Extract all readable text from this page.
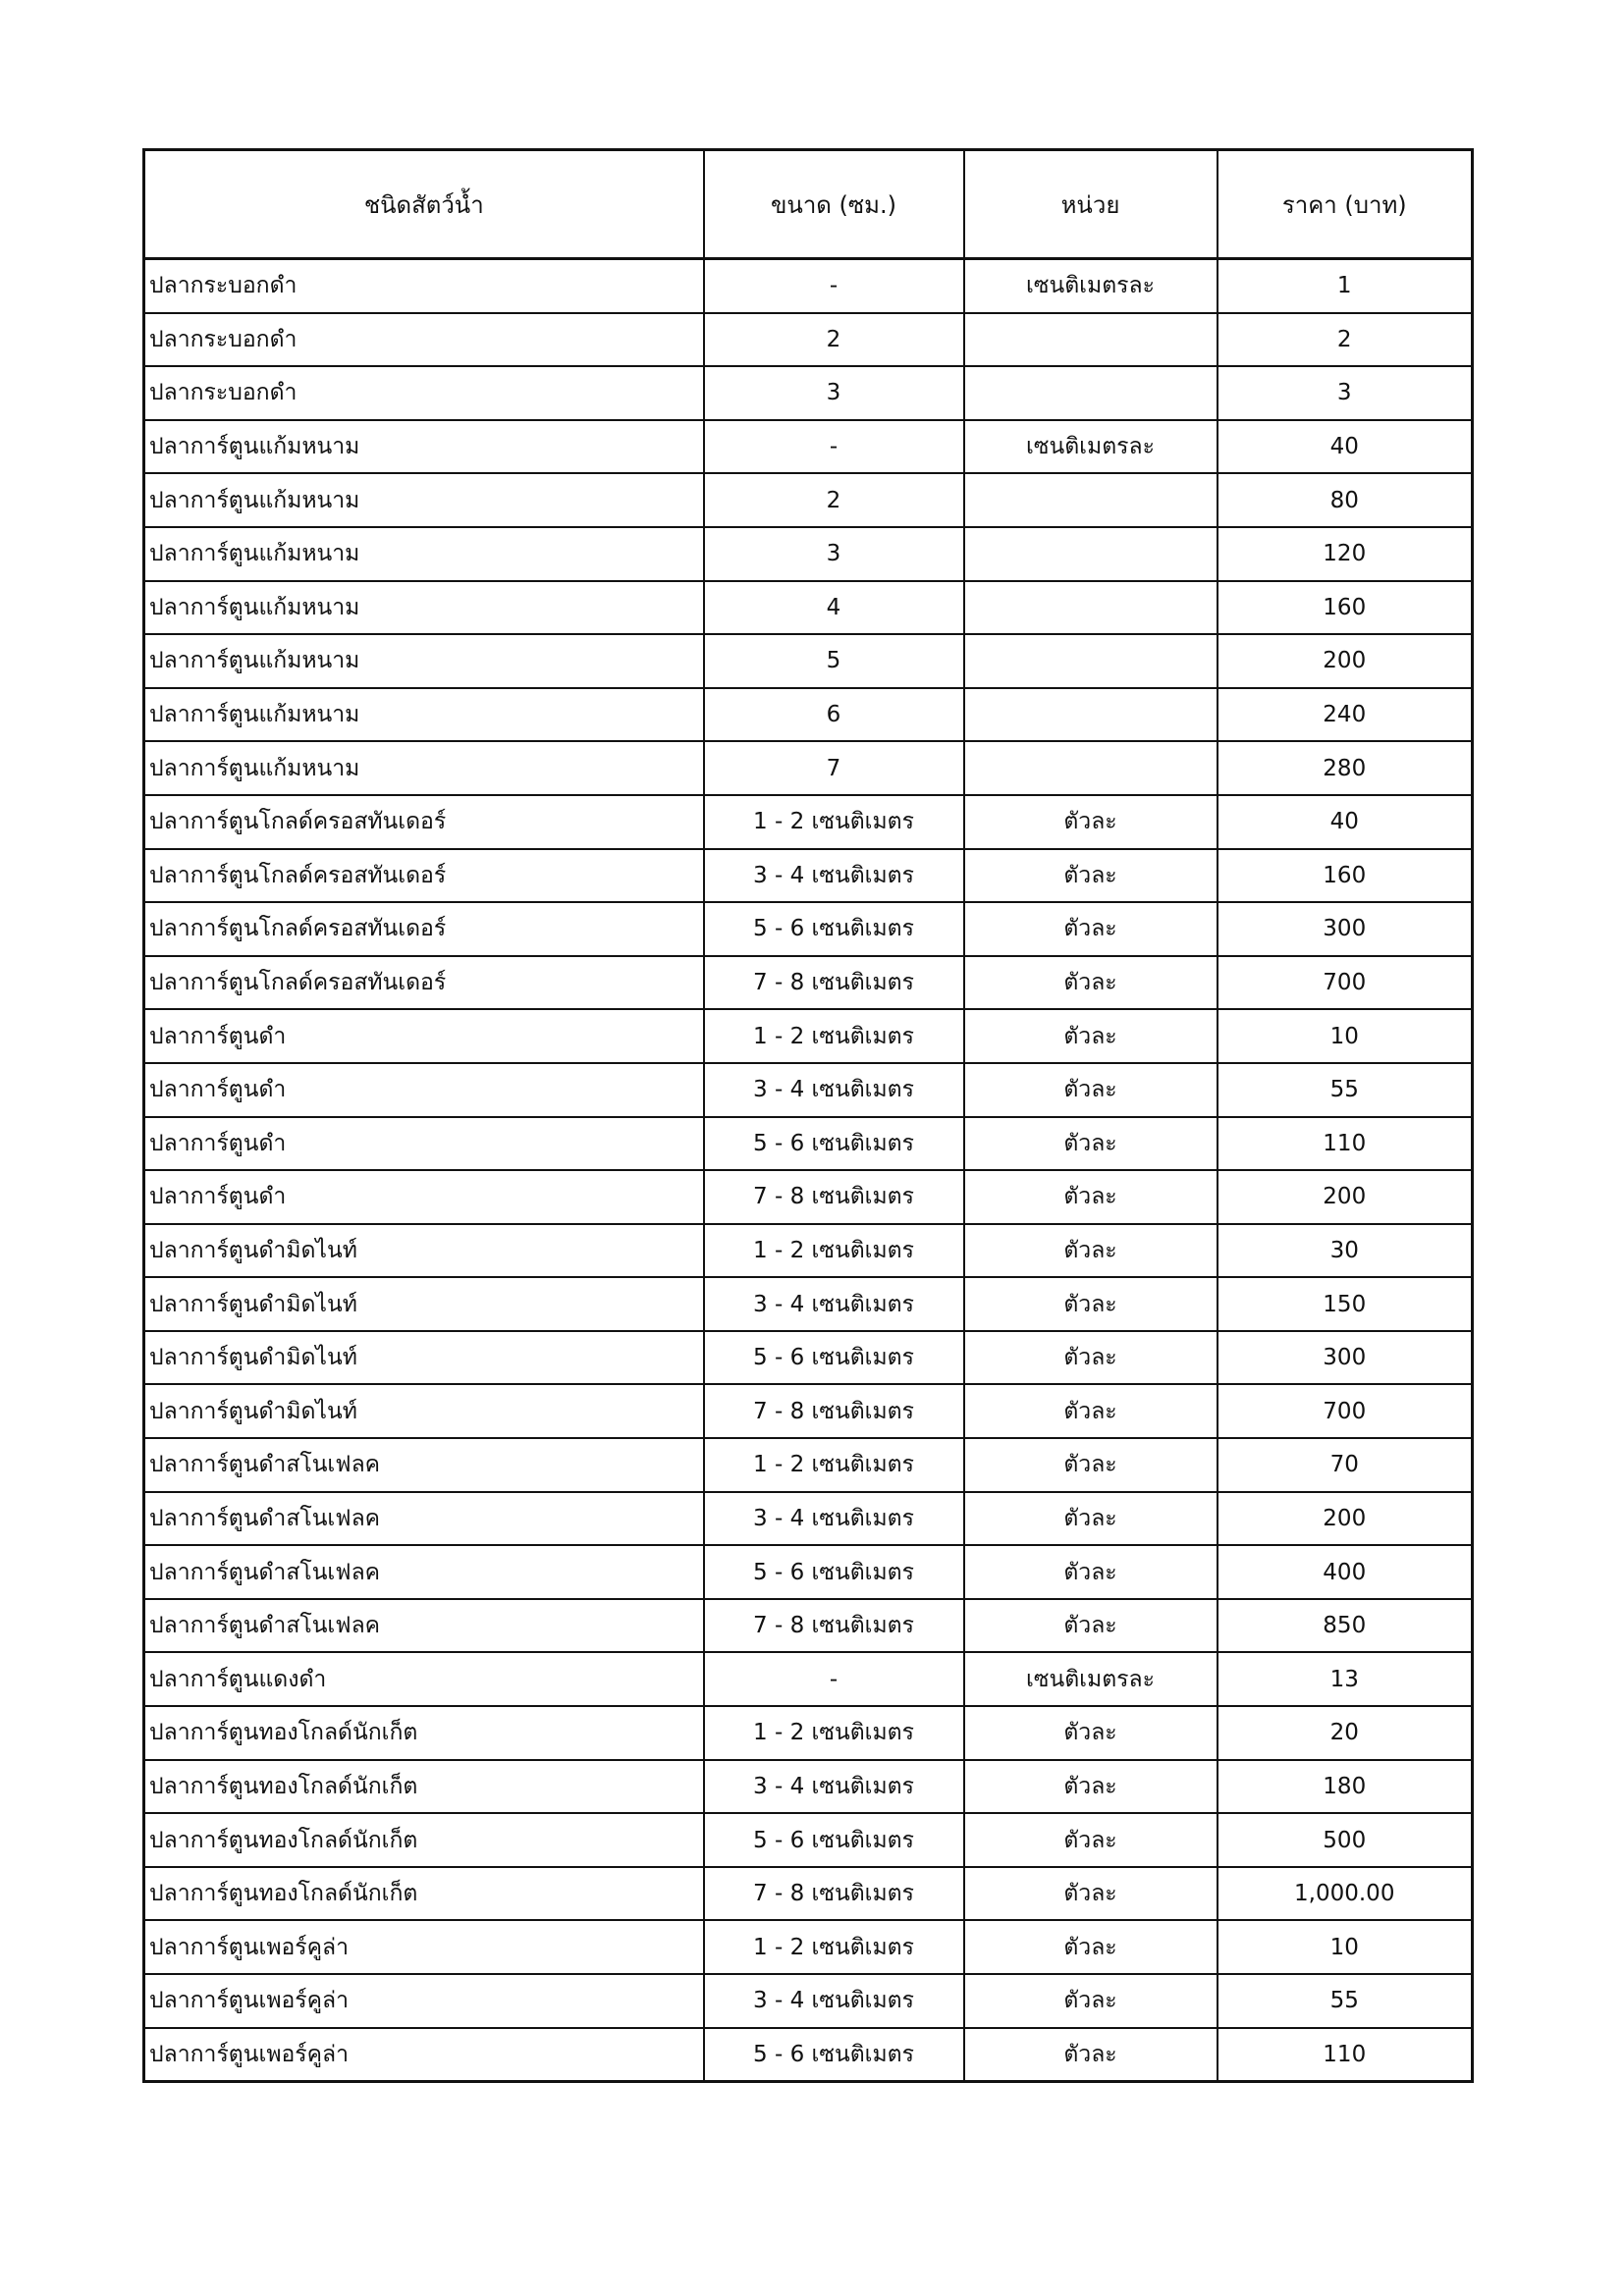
ชนิดสัตว์น้ำ	ขนาด (ซม.)	หน่วย	ราคา (บาท)
ปลากระบอกดำ	-	เซนติเมตรละ	1
ปลากระบอกดำ	2		2
ปลากระบอกดำ	3		3
ปลาการ์ตูนแก้มหนาม	-	เซนติเมตรละ	40
ปลาการ์ตูนแก้มหนาม	2		80
ปลาการ์ตูนแก้มหนาม	3		120
ปลาการ์ตูนแก้มหนาม	4		160
ปลาการ์ตูนแก้มหนาม	5		200
ปลาการ์ตูนแก้มหนาม	6		240
ปลาการ์ตูนแก้มหนาม	7		280
ปลาการ์ตูนโกลด์ครอสทันเดอร์	1 - 2 เซนติเมตร	ตัวละ	40
ปลาการ์ตูนโกลด์ครอสทันเดอร์	3 - 4 เซนติเมตร	ตัวละ	160
ปลาการ์ตูนโกลด์ครอสทันเดอร์	5 - 6 เซนติเมตร	ตัวละ	300
ปลาการ์ตูนโกลด์ครอสทันเดอร์	7 - 8 เซนติเมตร	ตัวละ	700
ปลาการ์ตูนดำ	1 - 2 เซนติเมตร	ตัวละ	10
ปลาการ์ตูนดำ	3 - 4 เซนติเมตร	ตัวละ	55
ปลาการ์ตูนดำ	5 - 6 เซนติเมตร	ตัวละ	110
ปลาการ์ตูนดำ	7 - 8 เซนติเมตร	ตัวละ	200
ปลาการ์ตูนดำมิดไนท์	1 - 2 เซนติเมตร	ตัวละ	30
ปลาการ์ตูนดำมิดไนท์	3 - 4 เซนติเมตร	ตัวละ	150
ปลาการ์ตูนดำมิดไนท์	5 - 6 เซนติเมตร	ตัวละ	300
ปลาการ์ตูนดำมิดไนท์	7 - 8 เซนติเมตร	ตัวละ	700
ปลาการ์ตูนดำสโนเฟลค	1 - 2 เซนติเมตร	ตัวละ	70
ปลาการ์ตูนดำสโนเฟลค	3 - 4 เซนติเมตร	ตัวละ	200
ปลาการ์ตูนดำสโนเฟลค	5 - 6 เซนติเมตร	ตัวละ	400
ปลาการ์ตูนดำสโนเฟลค	7 - 8 เซนติเมตร	ตัวละ	850
ปลาการ์ตูนแดงดำ	-	เซนติเมตรละ	13
ปลาการ์ตูนทองโกลด์นักเก็ต	1 - 2 เซนติเมตร	ตัวละ	20
ปลาการ์ตูนทองโกลด์นักเก็ต	3 - 4 เซนติเมตร	ตัวละ	180
ปลาการ์ตูนทองโกลด์นักเก็ต	5 - 6 เซนติเมตร	ตัวละ	500
ปลาการ์ตูนทองโกลด์นักเก็ต	7 - 8 เซนติเมตร	ตัวละ	1,000.00
ปลาการ์ตูนเพอร์คูล่า	1 - 2 เซนติเมตร	ตัวละ	10
ปลาการ์ตูนเพอร์คูล่า	3 - 4 เซนติเมตร	ตัวละ	55
ปลาการ์ตูนเพอร์คูล่า	5 - 6 เซนติเมตร	ตัวละ	110
